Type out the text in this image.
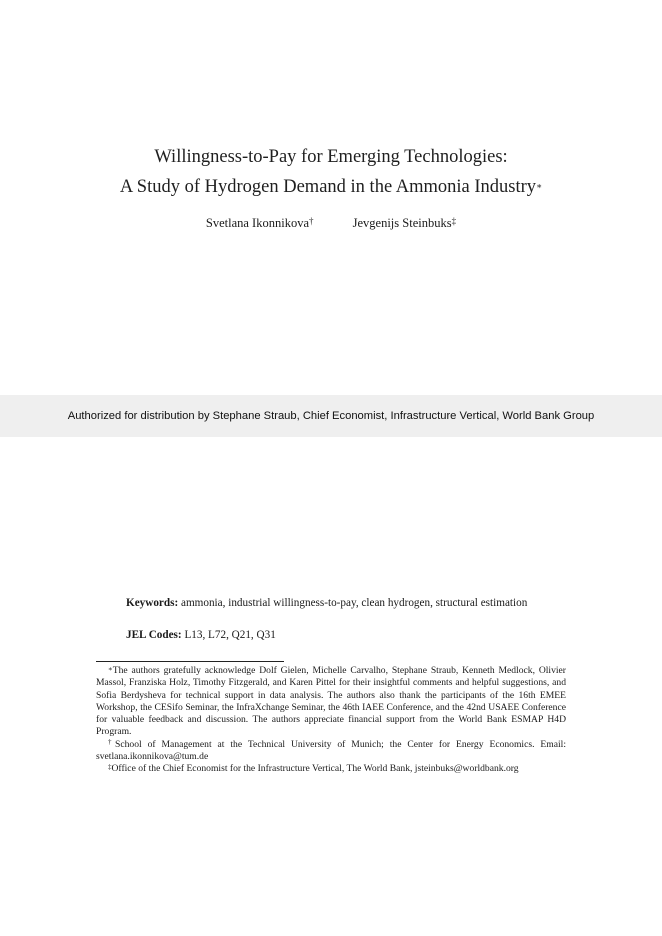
Willingness-to-Pay for Emerging Technologies:
A Study of Hydrogen Demand in the Ammonia Industry∗
Svetlana Ikonnikova†	Jevgenijs Steinbuks‡
Authorized for distribution by Stephane Straub, Chief Economist, Infrastructure Vertical, World Bank Group
Keywords: ammonia, industrial willingness-to-pay, clean hydrogen, structural estimation
JEL Codes: L13, L72, Q21, Q31

∗The authors gratefully acknowledge Dolf Gielen, Michelle Carvalho, Stephane Straub, Kenneth Medlock, Olivier Massol, Franziska Holz, Timothy Fitzgerald, and Karen Pittel for their insightful comments and helpful suggestions, and Sofia Berdysheva for technical support in data analysis. The authors also thank the participants of the 16th EMEE Workshop, the CESifo Seminar, the InfraXchange Seminar, the 46th IAEE Conference, and the 42nd USAEE Conference for valuable feedback and discussion. The authors appreciate financial support from the World Bank ESMAP H4D Program.

†School of Management at the Technical University of Munich; the Center for Energy Economics. Email: svetlana.ikonnikova@tum.de

‡Office of the Chief Economist for the Infrastructure Vertical, The World Bank, jsteinbuks@worldbank.org
